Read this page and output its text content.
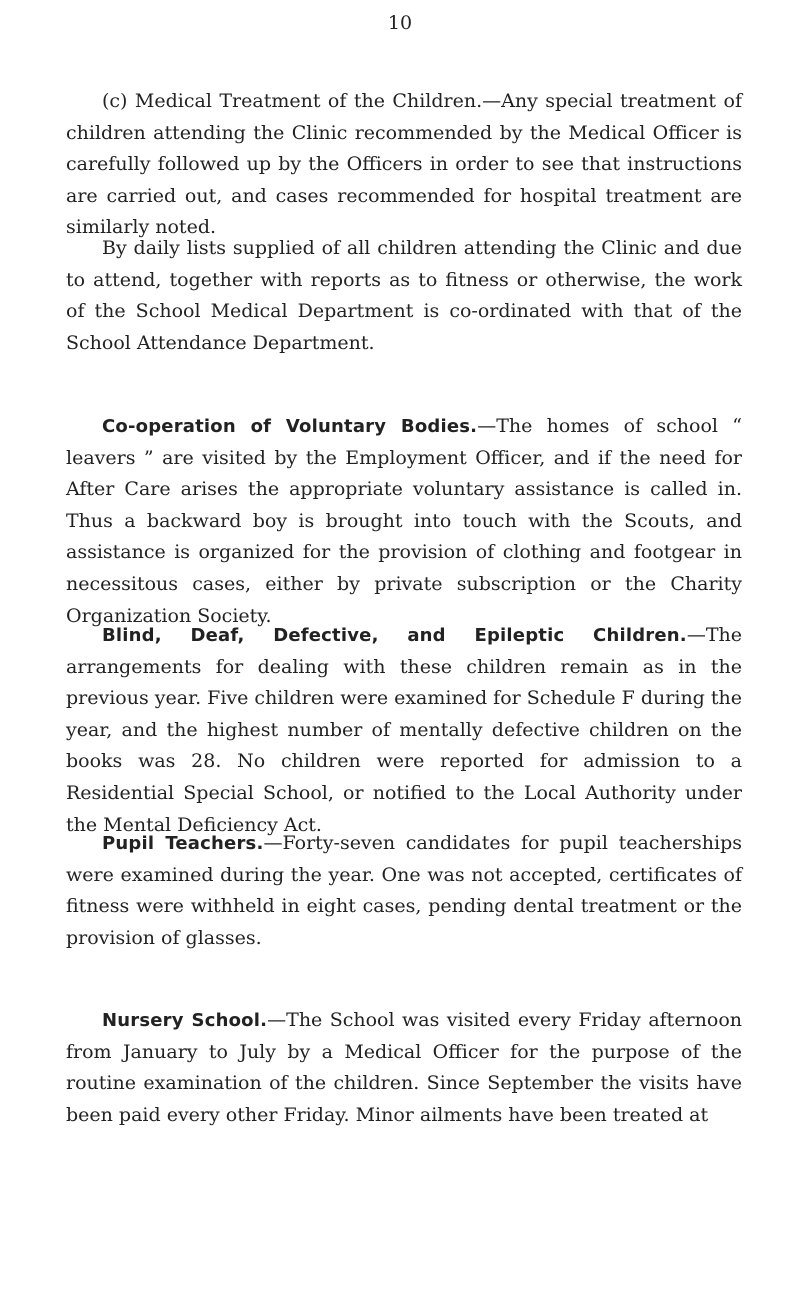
10

(c) Medical Treatment of the Children.—Any special treatment of children attending the Clinic recommended by the Medical Officer is carefully followed up by the Officers in order to see that instructions are carried out, and cases recommended for hospital treatment are similarly noted.

By daily lists supplied of all children attending the Clinic and due to attend, together with reports as to fitness or otherwise, the work of the School Medical Department is co-ordinated with that of the School Attendance Department.

Co-operation of Voluntary Bodies.—The homes of school “ leavers ” are visited by the Employment Officer, and if the need for After Care arises the appropriate voluntary assistance is called in. Thus a backward boy is brought into touch with the Scouts, and assistance is organized for the provision of clothing and footgear in necessitous cases, either by private subscription or the Charity Organization Society.

Blind, Deaf, Defective, and Epileptic Children.—The arrangements for dealing with these children remain as in the previous year. Five children were examined for Schedule F during the year, and the highest number of mentally defective children on the books was 28. No children were reported for admission to a Residential Special School, or notified to the Local Authority under the Mental Deficiency Act.

Pupil Teachers.—Forty-seven candidates for pupil teacherships were examined during the year. One was not accepted, certificates of fitness were withheld in eight cases, pending dental treatment or the provision of glasses.

Nursery School.—The School was visited every Friday afternoon from January to July by a Medical Officer for the purpose of the routine examination of the children. Since September the visits have been paid every other Friday. Minor ailments have been treated at
